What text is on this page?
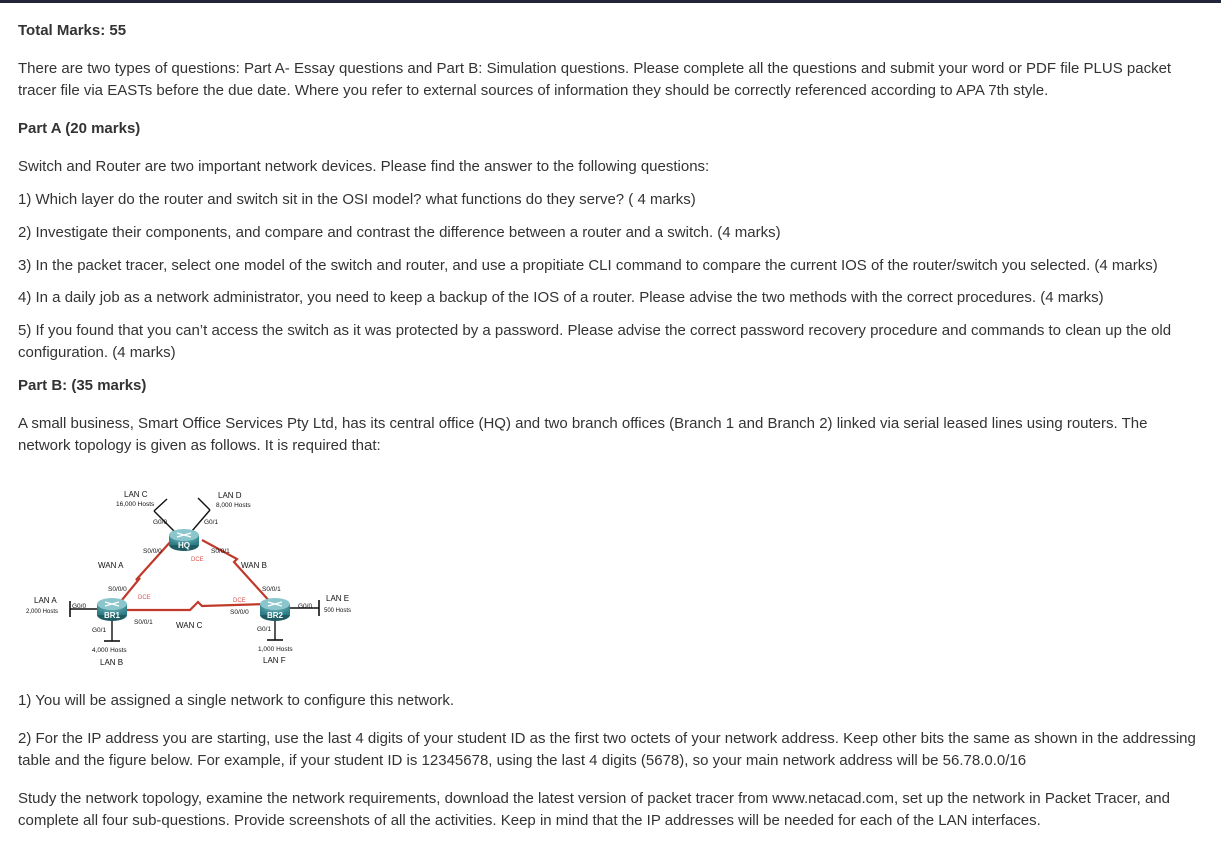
Total Marks: 55

There are two types of questions: Part A- Essay questions and Part B: Simulation questions. Please complete all the questions and submit your word or PDF file PLUS packet tracer file via EASTs before the due date. Where you refer to external sources of information they should be correctly referenced according to APA 7th style.

Part A (20 marks)

Switch and Router are two important network devices. Please find the answer to the following questions:

1) Which layer do the router and switch sit in the OSI model? what functions do they serve? ( 4 marks)

2) Investigate their components, and compare and contrast the difference between a router and a switch. (4 marks)

3) In the packet tracer, select one model of the switch and router, and use a propitiate CLI command to compare the current IOS of the router/switch you selected. (4 marks)

4) In a daily job as a network administrator, you need to keep a backup of the IOS of a router. Please advise the two methods with the correct procedures. (4 marks)

5) If you found that you can’t access the switch as it was protected by a password. Please advise the correct password recovery procedure and commands to clean up the old configuration. (4 marks)

Part B: (35 marks)

A small business, Smart Office Services Pty Ltd, has its central office (HQ) and two branch offices (Branch 1 and Branch 2) linked via serial leased lines using routers. The network topology is given as follows. It is required that:

1) You will be assigned a single network to configure this network.

2) For the IP address you are starting, use the last 4 digits of your student ID as the first two octets of your network address. Keep other bits the same as shown in the addressing table and the figure below. For example, if your student ID is 12345678, using the last 4 digits (5678), so your main network address will be 56.78.0.0/16

Study the network topology, examine the network requirements, download the latest version of packet tracer from www.netacad.com, set up the network in Packet Tracer, and complete all four sub-questions. Provide screenshots of all the activities. Keep in mind that the IP addresses will be needed for each of the LAN interfaces.

HQ
BR1	BR2
LAN C
16,000 Hosts
LAN D
8,000 Hosts
LAN A
2,000 Hosts
4,000 Hosts
LAN B
LAN E
500 Hosts
1,000 Hosts
LAN F
WAN A	WAN B
WAN C
G0/0	G0/1
S0/0/0	S0/0/1
DCE
S0/0/0
DCE
G0/0
G0/1
S0/0/1
S0/0/1
DCE
S0/0/0
G0/0
G0/1
